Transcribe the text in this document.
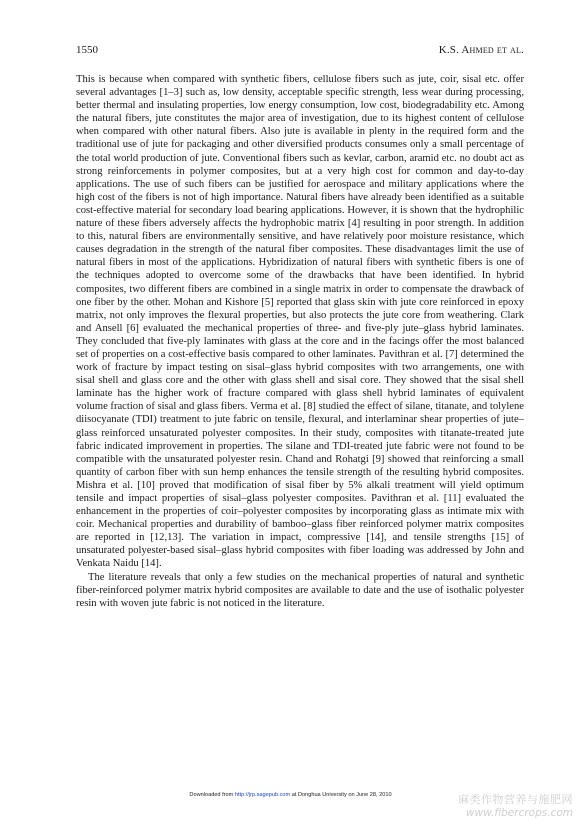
1550	K.S. Ahmed et al.

This is because when compared with synthetic fibers, cellulose fibers such as jute, coir, sisal etc. offer several advantages [1–3] such as, low density, acceptable specific strength, less wear during processing, better thermal and insulating properties, low energy consumption, low cost, biodegradability etc. Among the natural fibers, jute constitutes the major area of investigation, due to its highest content of cellulose when compared with other natural fibers. Also jute is available in plenty in the required form and the traditional use of jute for packaging and other diversified products consumes only a small percentage of the total world production of jute. Conventional fibers such as kevlar, carbon, aramid etc. no doubt act as strong reinforcements in polymer composites, but at a very high cost for common and day-to-day applications. The use of such fibers can be justified for aerospace and military applications where the high cost of the fibers is not of high importance. Natural fibers have already been identified as a suitable cost-effective material for secondary load bearing applications. However, it is shown that the hydrophilic nature of these fibers adversely affects the hydrophobic matrix [4] resulting in poor strength. In addition to this, natural fibers are environmentally sensitive, and have relatively poor moisture resistance, which causes degradation in the strength of the natural fiber composites. These disadvantages limit the use of natural fibers in most of the applications. Hybridization of natural fibers with synthetic fibers is one of the techniques adopted to overcome some of the drawbacks that have been identified. In hybrid composites, two different fibers are combined in a single matrix in order to compensate the drawback of one fiber by the other. Mohan and Kishore [5] reported that glass skin with jute core reinforced in epoxy matrix, not only improves the flexural properties, but also protects the jute core from weathering. Clark and Ansell [6] evaluated the mechanical properties of three- and five-ply jute–glass hybrid laminates. They concluded that five-ply laminates with glass at the core and in the facings offer the most balanced set of properties on a cost-effective basis compared to other laminates. Pavithran et al. [7] determined the work of fracture by impact testing on sisal–glass hybrid composites with two arrangements, one with sisal shell and glass core and the other with glass shell and sisal core. They showed that the sisal shell laminate has the higher work of fracture compared with glass shell hybrid laminates of equivalent volume fraction of sisal and glass fibers. Verma et al. [8] studied the effect of silane, titanate, and tolylene diisocyanate (TDI) treatment to jute fabric on tensile, flexural, and interlaminar shear properties of jute–glass reinforced unsaturated polyester composites. In their study, composites with titanate-treated jute fabric indicated improvement in properties. The silane and TDI-treated jute fabric were not found to be compatible with the unsaturated polyester resin. Chand and Rohatgi [9] showed that reinforcing a small quantity of carbon fiber with sun hemp enhances the tensile strength of the resulting hybrid composites. Mishra et al. [10] proved that modification of sisal fiber by 5% alkali treatment will yield optimum tensile and impact properties of sisal–glass polyester composites. Pavithran et al. [11] evaluated the enhancement in the properties of coir–polyester composites by incorporating glass as intimate mix with coir. Mechanical properties and durability of bamboo–glass fiber reinforced polymer matrix composites are reported in [12,13]. The variation in impact, compressive [14], and tensile strengths [15] of unsaturated polyester-based sisal–glass hybrid composites with fiber loading was addressed by John and Venkata Naidu [14].

The literature reveals that only a few studies on the mechanical properties of natural and synthetic fiber-reinforced polymer matrix hybrid composites are available to date and the use of isothalic polyester resin with woven jute fabric is not noticed in the literature.

Downloaded from http://jrp.sagepub.com at Donghua University on June 28, 2010	麻类作物营养与施肥网
www.fibercrops.com
